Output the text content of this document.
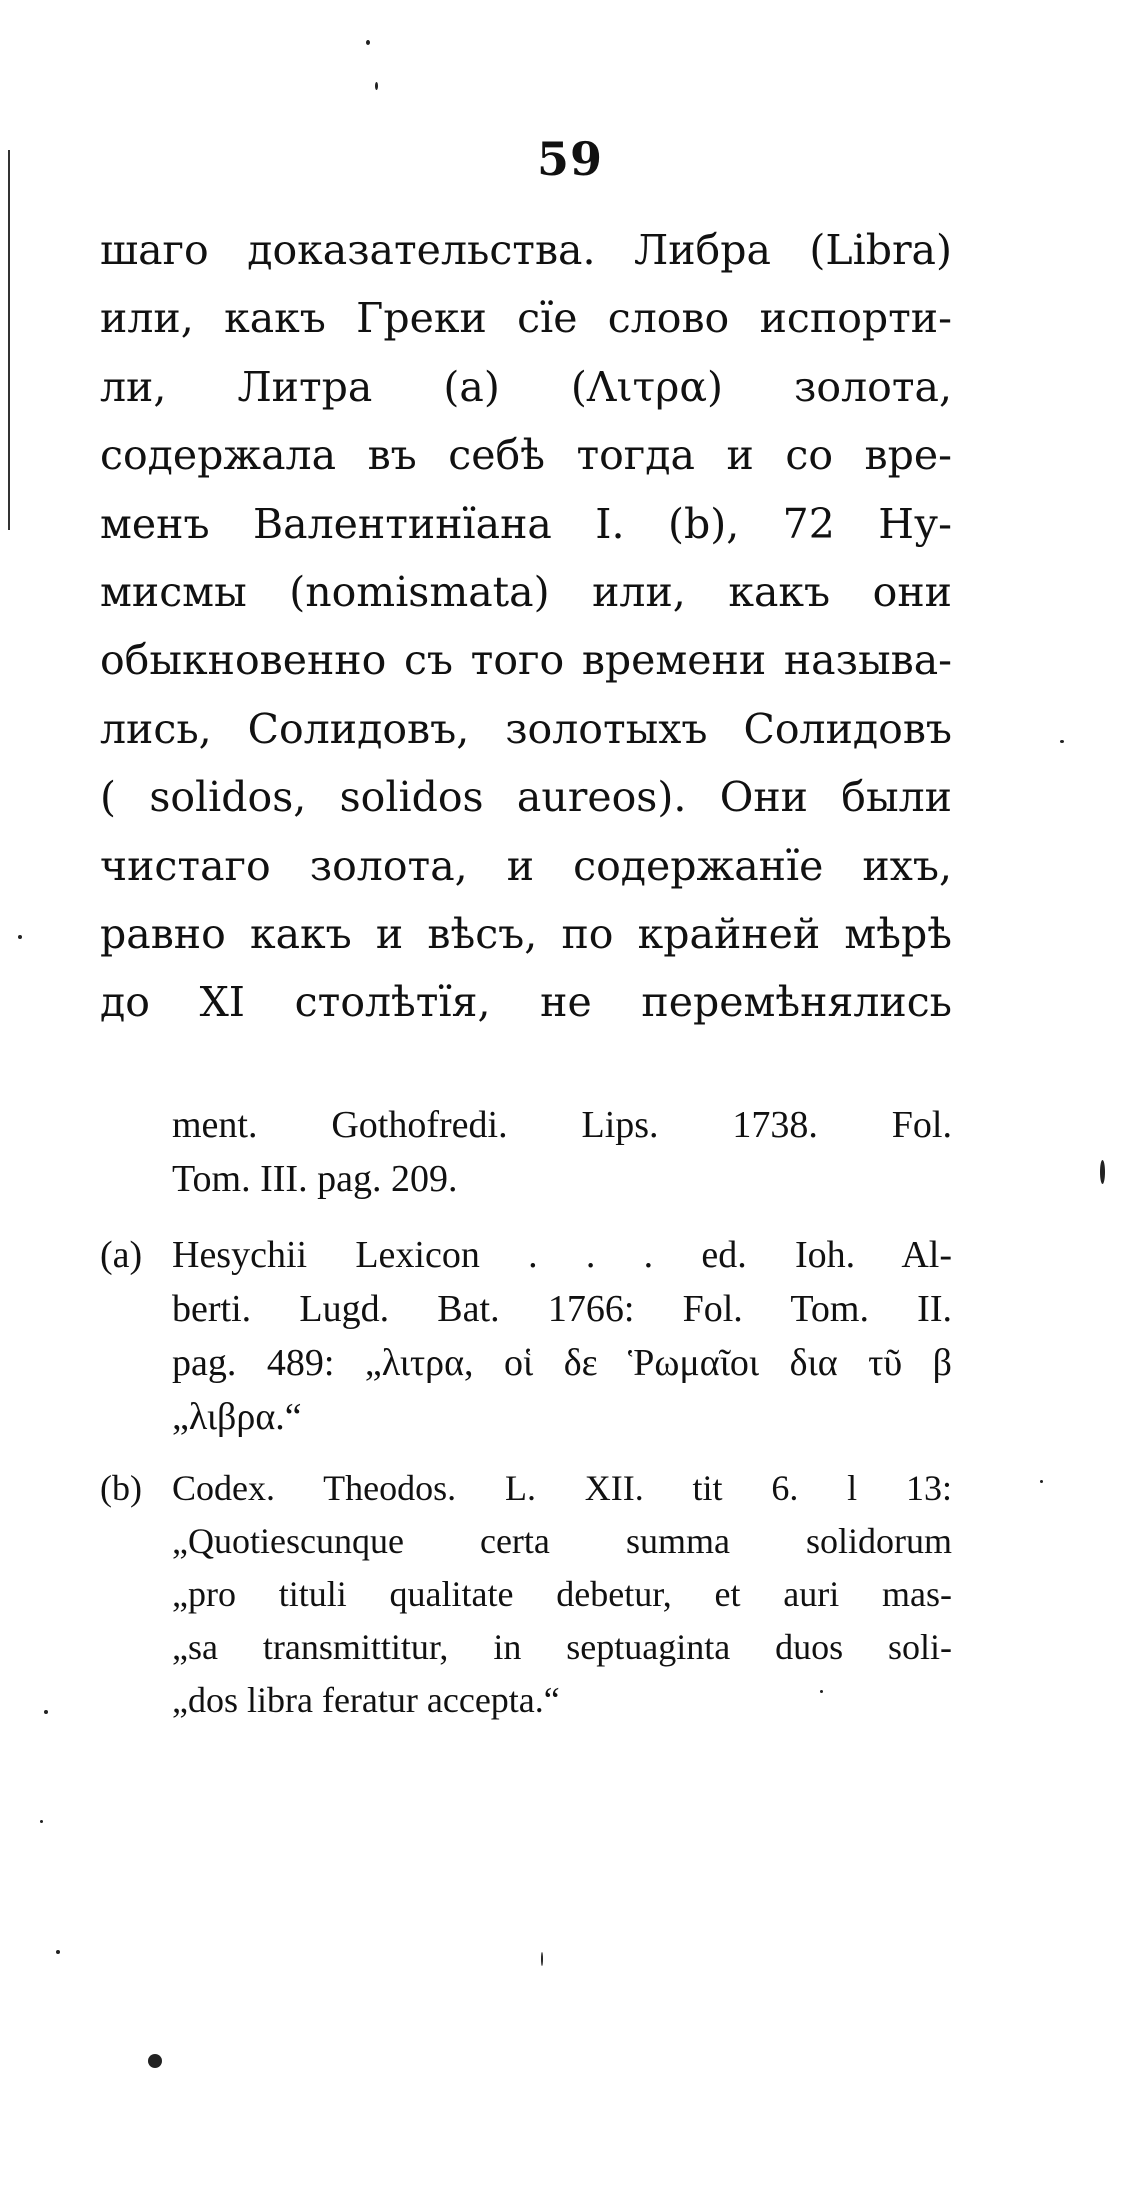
59
шаго доказательства. Либра (Libra)
или, какъ Греки сïе слово испорти-
ли, Литра (а) (Λιτρα) золота,
содержала въ себѣ тогда и со вре-
менъ Валентинïана I. (b), 72 Ну-
мисмы (nomismata) или, какъ они
обыкновенно съ того времени называ-
лись, Солидовъ, золотыхъ Солидовъ
( solidos, solidos aureos). Они были
чистаго золота, и содержанïе ихъ,
равно какъ и вѣсъ, по крайней мѣрѣ
до XI столѣтïя, не перемѣнялись
ment. Gothofredi. Lips. 1738. Fol.
Tom. III. pag. 209.
(a) Hesychii Lexicon . . . ed. Ioh. Al-
berti. Lugd. Bat. 1766: Fol. Tom. II.
pag. 489: „λιτρα, οἱ δε Ῥωμαῖοι δια τῦ β
„λιβρα.“
(b) Codex. Theodos. L. XII. tit 6. l 13:
„Quotiescunque certa summa solidorum
„pro tituli qualitate debetur, et auri mas-
„sa transmittitur, in septuaginta duos soli-
„dos libra feratur accepta.“
